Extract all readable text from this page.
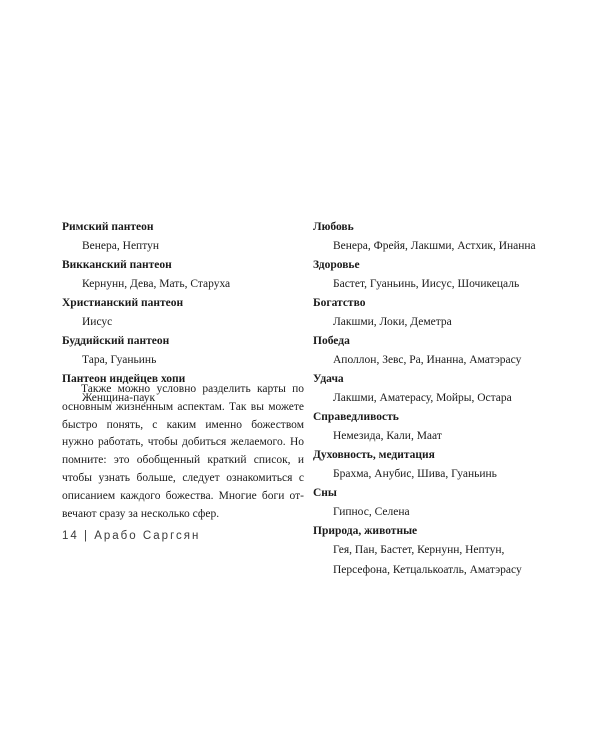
Римский пантеон
Венера, Нептун
Викканский пантеон
Кернунн, Дева, Мать, Старуха
Христианский пантеон
Иисус
Буддийский пантеон
Тара, Гуаньинь
Пантеон индейцев хопи
Женщина-паук

Также можно условно разделить карты по основным жизненным аспектам. Так вы можете быстро понять, с каким именно божеством нужно работать, чтобы добиться желаемого. Но помните: это обобщенный краткий список, и чтобы узнать больше, следует ознакомиться с описанием каждого божества. Многие боги отвечают сразу за несколько сфер.

Любовь
Венера, Фрейя, Лакшми, Астхик, Инанна
Здоровье
Бастет, Гуаньинь, Иисус, Шочикецаль
Богатство
Лакшми, Локи, Деметра
Победа
Аполлон, Зевс, Ра, Инанна, Аматэрасу
Удача
Лакшми, Аматерасу, Мойры, Остара
Справедливость
Немезида, Кали, Маат
Духовность, медитация
Брахма, Анубис, Шива, Гуаньинь
Сны
Гипнос, Селена
Природа, животные
Гея, Пан, Бастет, Кернунн, Нептун,
Персефона, Кетцалькоатль, Аматэрасу
14 | Арабо Саргсян
